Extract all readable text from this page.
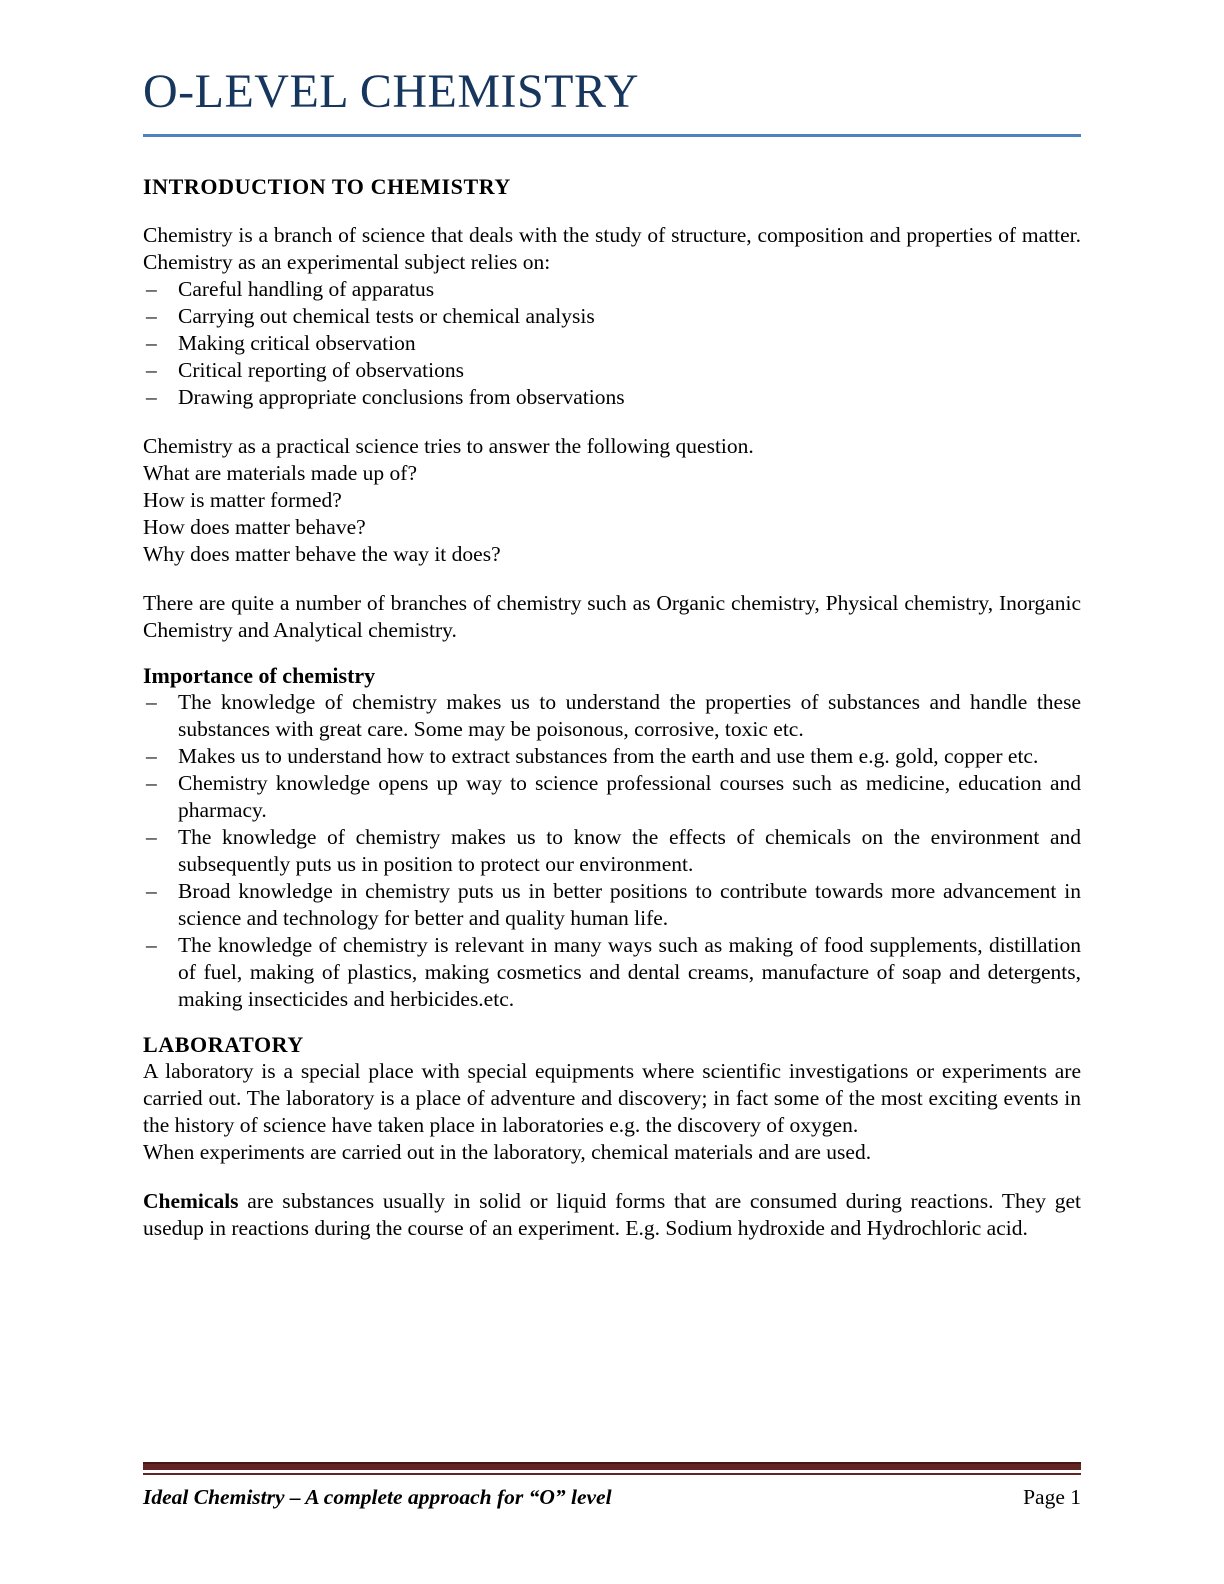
O-LEVEL CHEMISTRY
INTRODUCTION TO CHEMISTRY

Chemistry is a branch of science that deals with the study of structure, composition and properties of matter. Chemistry as an experimental subject relies on:

– Careful handling of apparatus
– Carrying out chemical tests or chemical analysis
– Making critical observation
– Critical reporting of observations
– Drawing appropriate conclusions from observations

Chemistry as a practical science tries to answer the following question.

What are materials made up of?

How is matter formed?

How does matter behave?

Why does matter behave the way it does?

There are quite a number of branches of chemistry such as Organic chemistry, Physical chemistry, Inorganic Chemistry and Analytical chemistry.

Importance of chemistry
– The knowledge of chemistry makes us to understand the properties of substances and handle these substances with great care. Some may be poisonous, corrosive, toxic etc.
– Makes us to understand how to extract substances from the earth and use them e.g. gold, copper etc.
– Chemistry knowledge opens up way to science professional courses such as medicine, education and pharmacy.
– The knowledge of chemistry makes us to know the effects of chemicals on the environment and subsequently puts us in position to protect our environment.
– Broad knowledge in chemistry puts us in better positions to contribute towards more advancement in science and technology for better and quality human life.
– The knowledge of chemistry is relevant in many ways such as making of food supplements, distillation of fuel, making of plastics, making cosmetics and dental creams, manufacture of soap and detergents, making insecticides and herbicides.etc.
LABORATORY

A laboratory is a special place with special equipments where scientific investigations or experiments are carried out. The laboratory is a place of adventure and discovery; in fact some of the most exciting events in the history of science have taken place in laboratories e.g. the discovery of oxygen.

When experiments are carried out in the laboratory, chemical materials and are used.

Chemicals are substances usually in solid or liquid forms that are consumed during reactions. They get usedup in reactions during the course of an experiment. E.g. Sodium hydroxide and Hydrochloric acid.

Ideal Chemistry – A complete approach for “O” level	Page 1
